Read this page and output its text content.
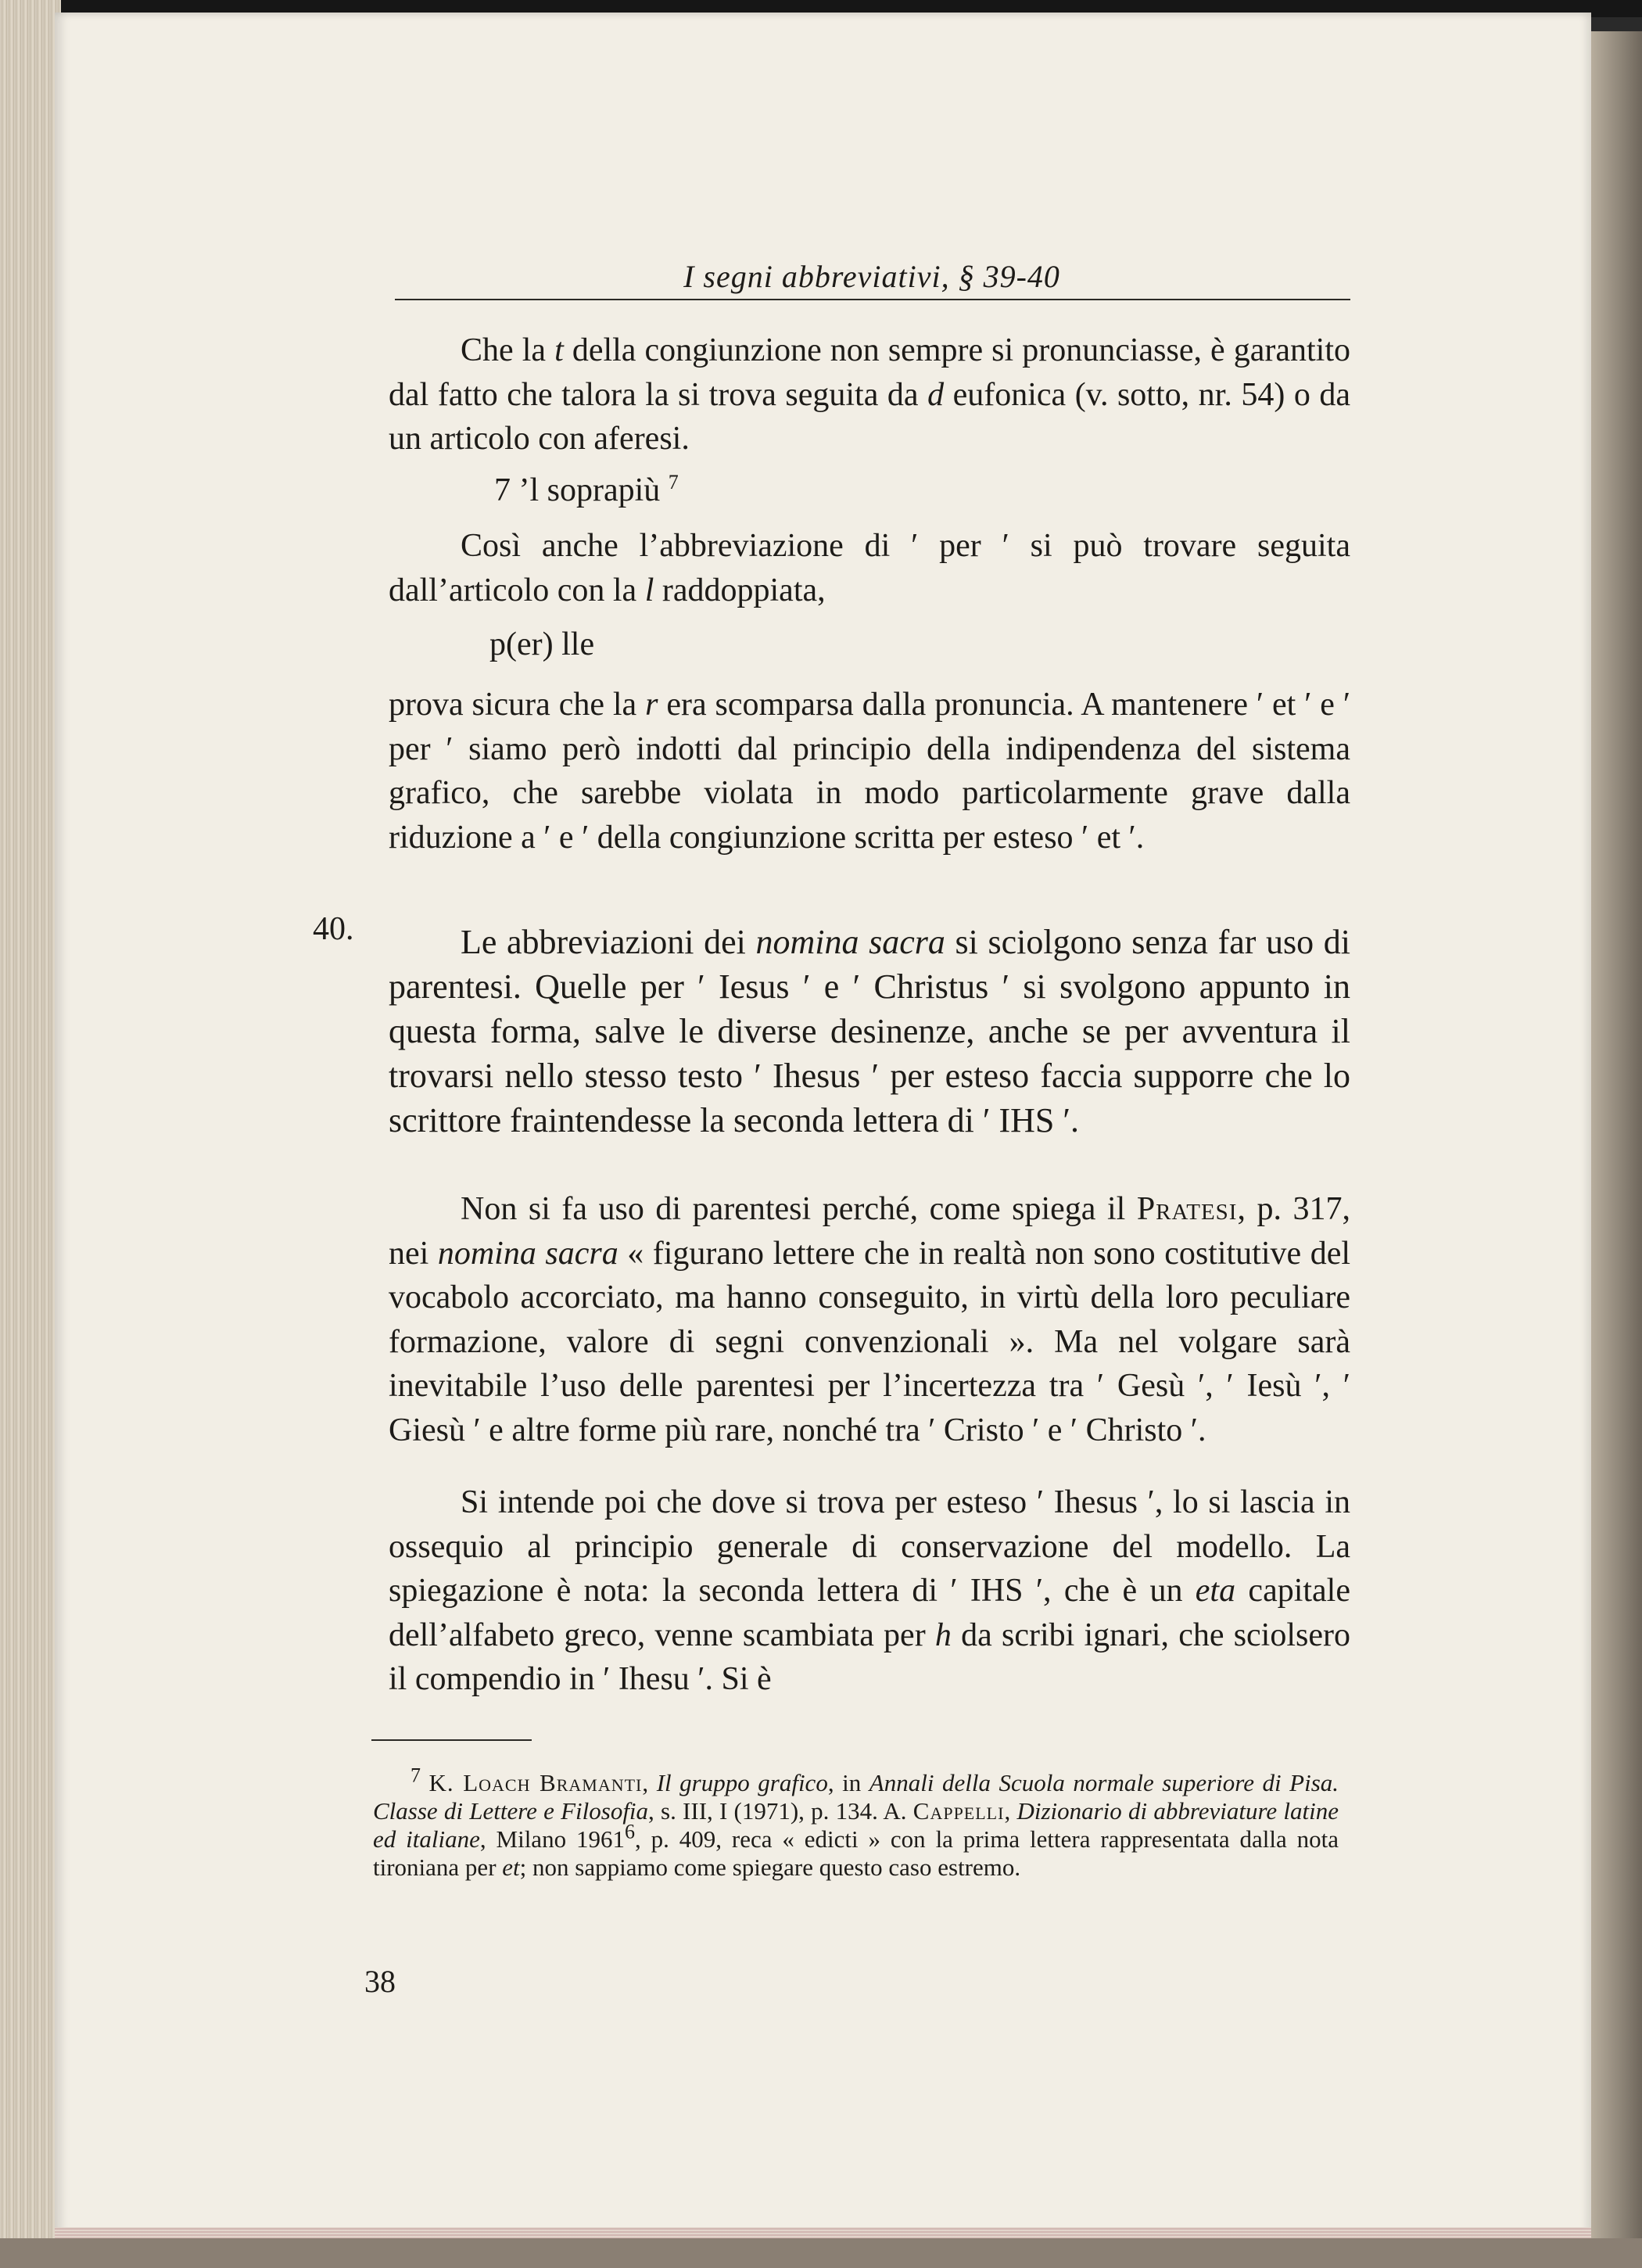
I segni abbreviativi, § 39-40

Che la t della congiunzione non sempre si pronunciasse, è garantito dal fatto che talora la si trova seguita da d eufonica (v. sotto, nr. 54) o da un articolo con aferesi.

7 ’l soprapiù $^7$

Così anche l’abbreviazione di ′ per ′ si può trovare seguita dall’articolo con la l raddoppiata,

p(er) lle

prova sicura che la r era scomparsa dalla pronuncia. A mantenere ′ et ′ e ′ per ′ siamo però indotti dal principio della indipendenza del sistema grafico, che sarebbe violata in modo particolarmente grave dalla riduzione a ′ e ′ della congiunzione scritta per esteso ′ et ′.

40.	Le abbreviazioni dei nomina sacra si sciolgono senza far uso di parentesi. Quelle per ′ Iesus ′ e ′ Christus ′ si svolgono appunto in questa forma, salve le diverse desinenze, anche se per avventura il trovarsi nello stesso testo ′ Ihesus ′ per esteso faccia supporre che lo scrittore fraintendesse la seconda lettera di ′ IHS ′.

Non si fa uso di parentesi perché, come spiega il Pratesi, p. 317, nei nomina sacra « figurano lettere che in realtà non sono costitutive del vocabolo accorciato, ma hanno conseguito, in virtù della loro peculiare formazione, valore di segni convenzionali ». Ma nel volgare sarà inevitabile l’uso delle parentesi per l’incertezza tra ′ Gesù ′, ′ Iesù ′, ′ Giesù ′ e altre forme più rare, nonché tra ′ Cristo ′ e ′ Christo ′.

Si intende poi che dove si trova per esteso ′ Ihesus ′, lo si lascia in ossequio al principio generale di conservazione del modello. La spiegazione è nota: la seconda lettera di ′ IHS ′, che è un eta capitale dell’alfabeto greco, venne scambiata per h da scribi ignari, che sciolsero il compendio in ′ Ihesu ′. Si è

$^7$ K. Loach Bramanti, Il gruppo grafico, in Annali della Scuola normale superiore di Pisa. Classe di Lettere e Filosofia, s. III, I (1971), p. 134. A. Cappelli, Dizionario di abbreviature latine ed italiane, Milano 1961$^6$, p. 409, reca « edicti » con la prima lettera rappresentata dalla nota tironiana per et; non sappiamo come spiegare questo caso estremo.

38
